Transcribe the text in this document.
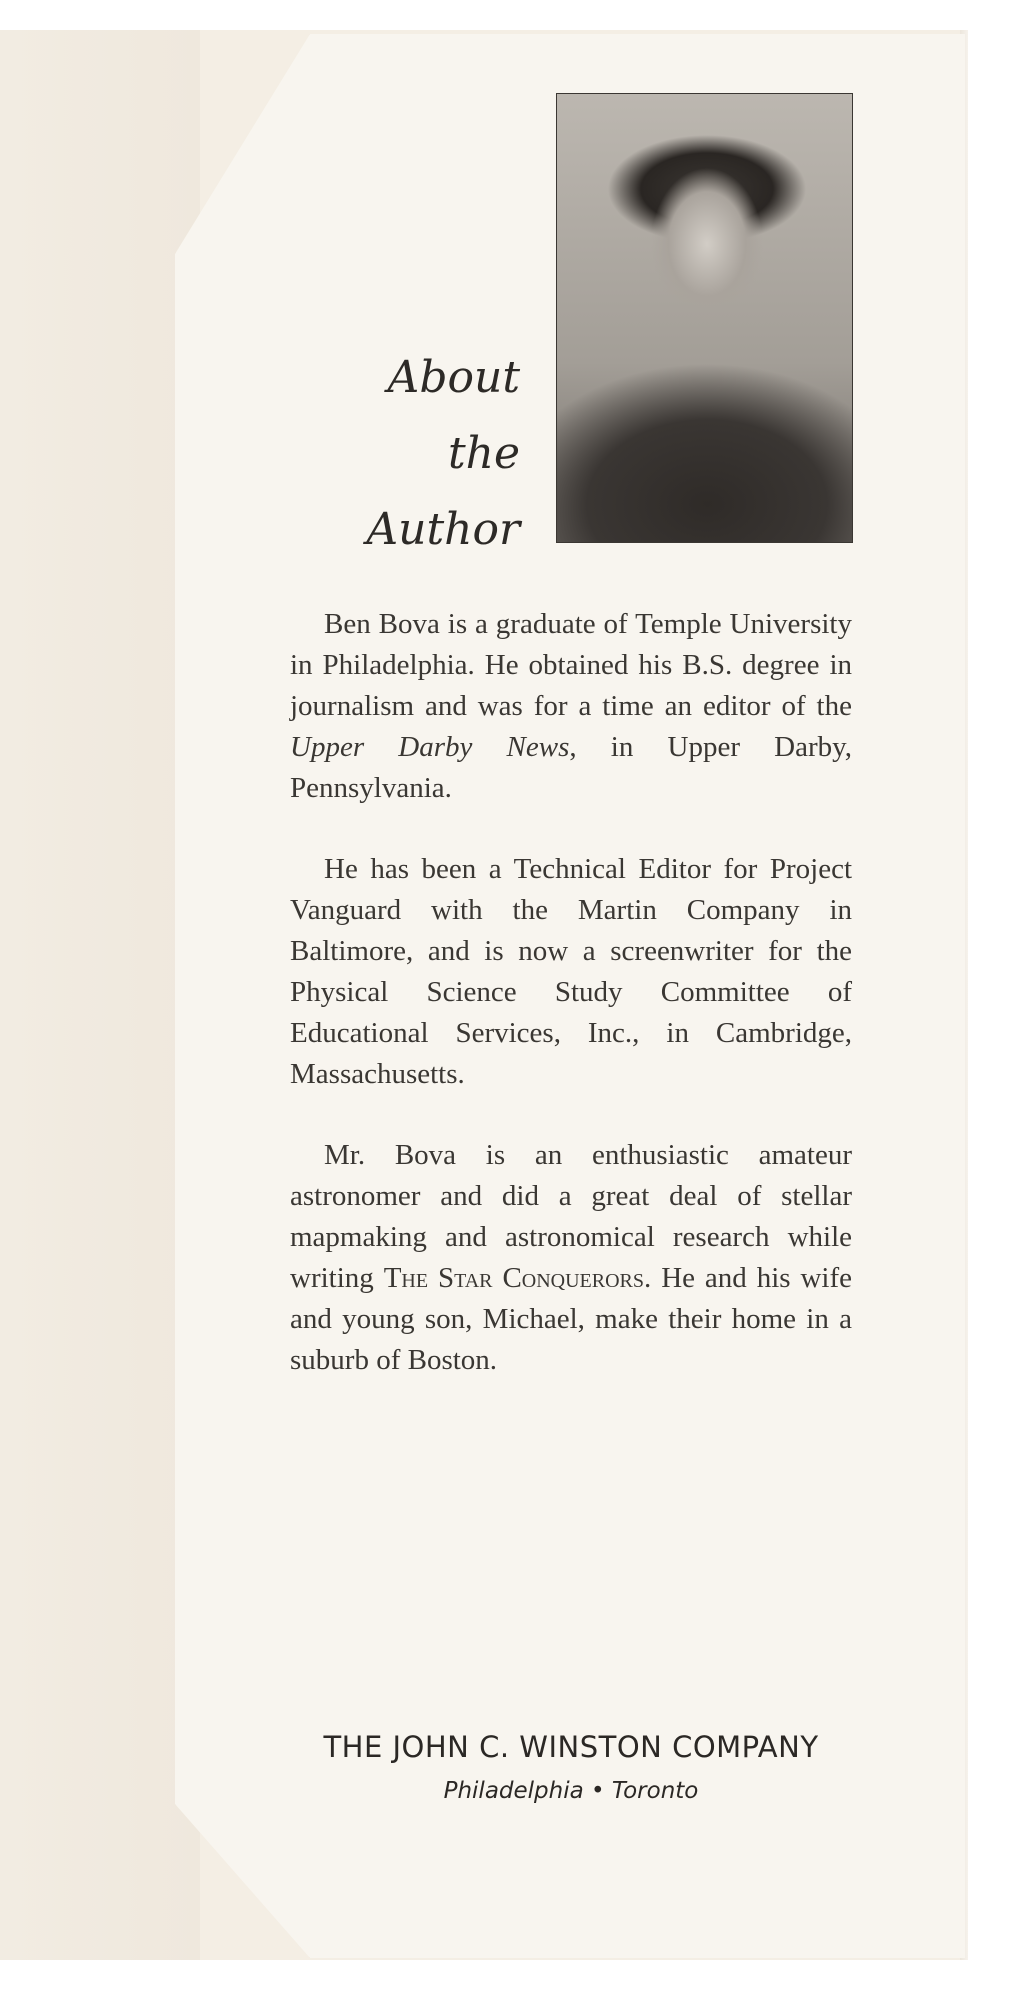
About
the
Author

Ben Bova is a graduate of Temple University in Philadelphia. He obtained his B.S. degree in journalism and was for a time an editor of the Upper Darby News, in Upper Darby, Pennsylvania.

He has been a Technical Editor for Project Vanguard with the Martin Company in Baltimore, and is now a screenwriter for the Physical Science Study Committee of Educational Services, Inc., in Cambridge, Massachusetts.

Mr. Bova is an enthusiastic amateur astronomer and did a great deal of stellar mapmaking and astronomical research while writing The Star Conquerors. He and his wife and young son, Michael, make their home in a suburb of Boston.

THE JOHN C. WINSTON COMPANY
Philadelphia • Toronto
